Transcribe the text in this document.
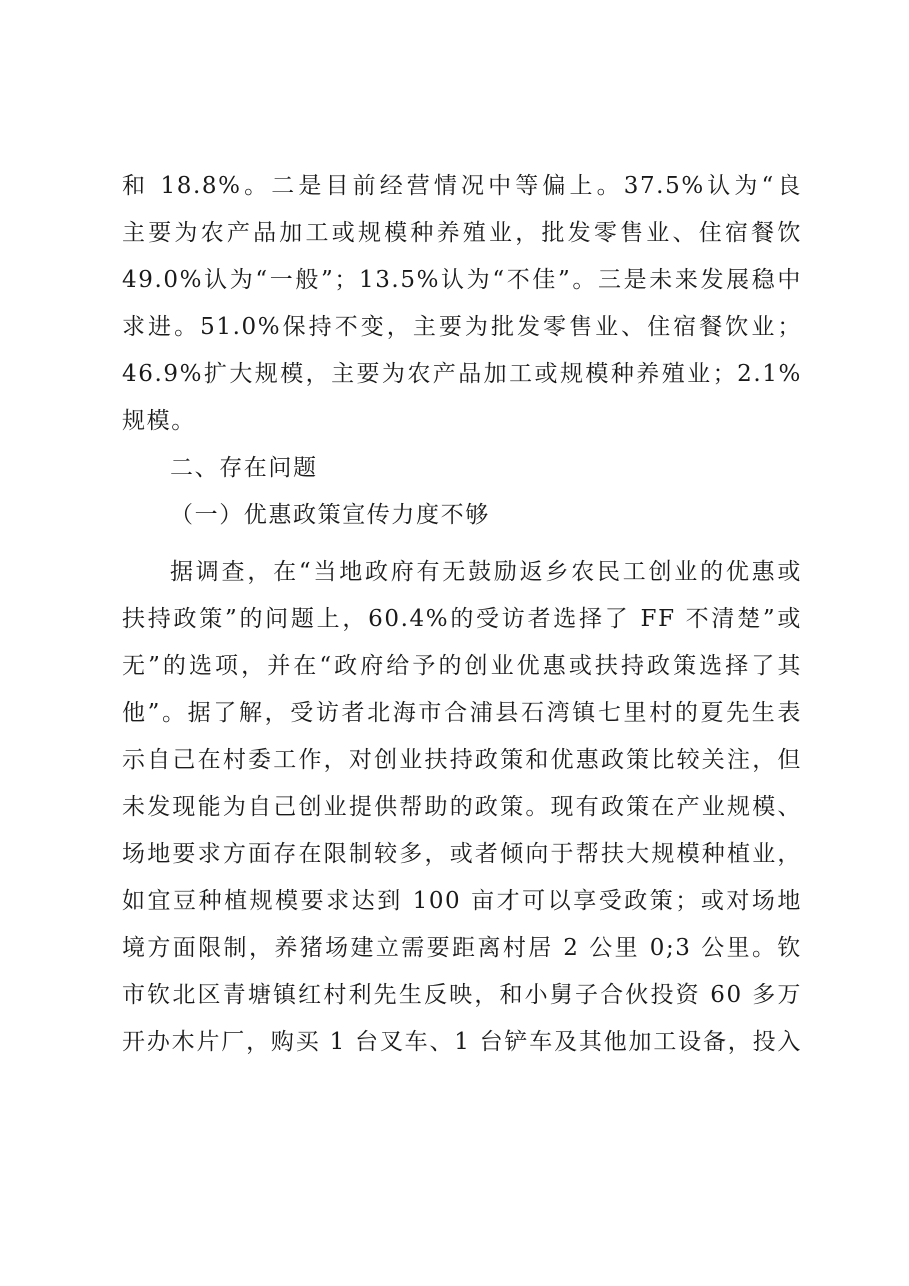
和 18.8%。二是目前经营情况中等偏上。37.5%认为“良
主要为农产品加工或规模种养殖业，批发零售业、住宿餐饮
49.0%认为“一般”；13.5%认为“不佳”。三是未来发展稳中
求进。51.0%保持不变，主要为批发零售业、住宿餐饮业；
46.9%扩大规模，主要为农产品加工或规模种养殖业；2.1%
规模。
二、存在问题
（一）优惠政策宣传力度不够
据调查，在“当地政府有无鼓励返乡农民工创业的优惠或
扶持政策”的问题上，60.4%的受访者选择了 FF 不清楚”或
无”的选项，并在“政府给予的创业优惠或扶持政策选择了其
他”。据了解，受访者北海市合浦县石湾镇七里村的夏先生表
示自己在村委工作，对创业扶持政策和优惠政策比较关注，但
未发现能为自己创业提供帮助的政策。现有政策在产业规模、
场地要求方面存在限制较多，或者倾向于帮扶大规模种植业，
如宜豆种植规模要求达到 100 亩才可以享受政策；或对场地
境方面限制，养猪场建立需要距离村居 2 公里 0;3 公里。钦
市钦北区青塘镇红村利先生反映，和小舅子合伙投资 60 多万
开办木片厂，购买 1 台叉车、1 台铲车及其他加工设备，投入
